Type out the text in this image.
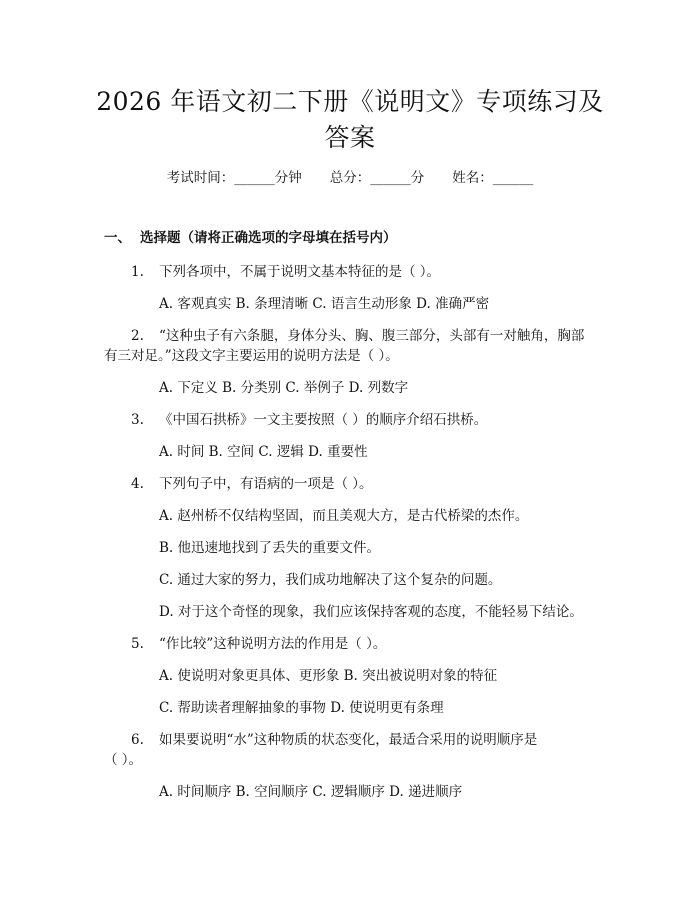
2026 年语文初二下册《说明文》专项练习及
答案
考试时间：______分钟 总分：______分 姓名：______
一、 选择题（请将正确选项的字母填在括号内）
1. 下列各项中，不属于说明文基本特征的是（ ）。
A. 客观真实 B. 条理清晰 C. 语言生动形象 D. 准确严密
2. “这种虫子有六条腿，身体分头、胸、腹三部分，头部有一对触角，胸部
有三对足。”这段文字主要运用的说明方法是（ ）。
A. 下定义 B. 分类别 C. 举例子 D. 列数字
3. 《中国石拱桥》一文主要按照（ ）的顺序介绍石拱桥。
A. 时间 B. 空间 C. 逻辑 D. 重要性
4. 下列句子中，有语病的一项是（ ）。
A. 赵州桥不仅结构坚固，而且美观大方，是古代桥梁的杰作。
B. 他迅速地找到了丢失的重要文件。
C. 通过大家的努力，我们成功地解决了这个复杂的问题。
D. 对于这个奇怪的现象，我们应该保持客观的态度，不能轻易下结论。
5. “作比较”这种说明方法的作用是（ ）。
A. 使说明对象更具体、更形象 B. 突出被说明对象的特征
C. 帮助读者理解抽象的事物 D. 使说明更有条理
6. 如果要说明“水”这种物质的状态变化，最适合采用的说明顺序是
（ ）。
A. 时间顺序 B. 空间顺序 C. 逻辑顺序 D. 递进顺序
